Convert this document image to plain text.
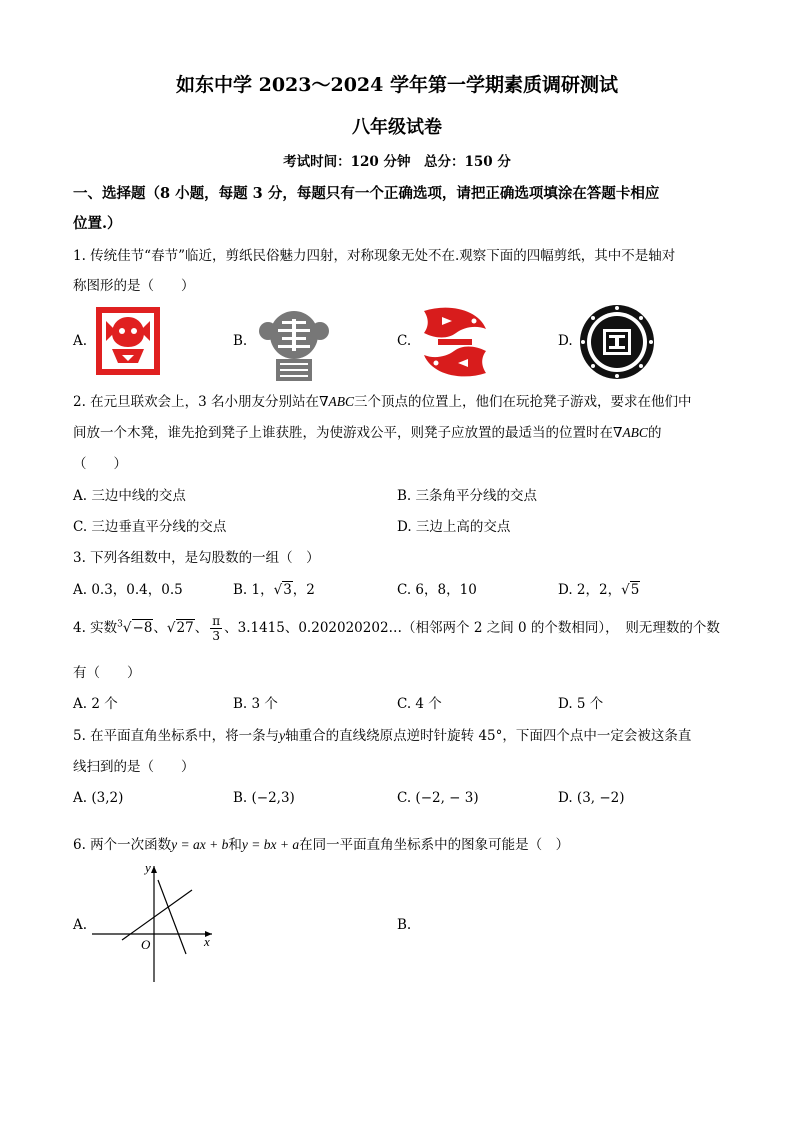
如东中学 2023～2024 学年第一学期素质调研测试
八年级试卷
考试时间：120 分钟　总分：150 分
一、选择题（8 小题，每题 3 分，每题只有一个正确选项，请把正确选项填涂在答题卡相应
位置.）
1. 传统佳节“春节”临近，剪纸民俗魅力四射，对称现象无处不在.观察下面的四幅剪纸，其中不是轴对
称图形的是（　　）
A.	B.	C.	D.
2. 在元旦联欢会上，3 名小朋友分别站在∇ABC三个顶点的位置上，他们在玩抢凳子游戏，要求在他们中
间放一个木凳，谁先抢到凳子上谁获胜，为使游戏公平，则凳子应放置的最适当的位置时在∇ABC的
（　　）
A. 三边中线的交点	B. 三条角平分线的交点
C. 三边垂直平分线的交点	D. 三边上高的交点
3. 下列各组数中，是勾股数的一组（　）
A. 0.3，0.4，0.5	B. 1，√3，2	C. 6，8，10	D. 2，2，√5
4. 实数$^3$√−8、√27、 $\frac{\pi}{3}$ 、3.1415、0.202020202…（相邻两个 2 之间 0 的个数相同），　则无理数的个数
有（　　）
A. 2 个	B. 3 个	C. 4 个	D. 5 个
5. 在平面直角坐标系中，将一条与y轴重合的直线绕原点逆时针旋转 45°，下面四个点中一定会被这条直
线扫到的是（　　）
A. (3,2)	B. (−2,3)	C. (−2, − 3)	D. (3, −2)
6. 两个一次函数y = ax + b和y = bx + a在同一平面直角坐标系中的图象可能是（　）
A.	B.
y
x
O
